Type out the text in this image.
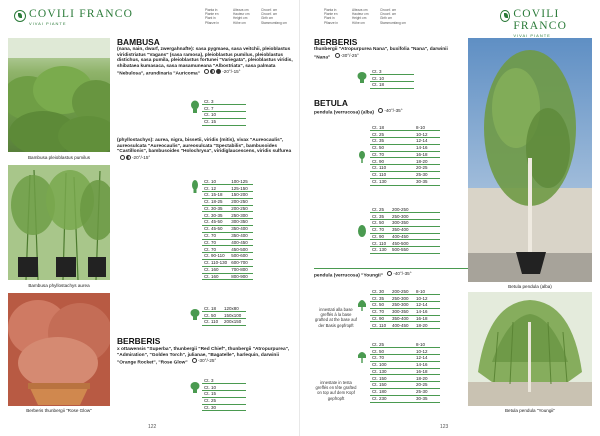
COVILI FRANCO
VIVAI PIANTE
Pianta in
Plante en
Plant in
Pflanze in
Altezza cm
Hauteur cm
Height cm
Höhe cm
Circonf. cm
Circonf. cm
Girth cm
Stammumfang cm
Bambusa pleioblastus pumilus
Bambusa phyllostachys aurea
Berberis thunbergii "Rose Glow"
BAMBUSA
(nana, nain, dwarf, zwergahnafte): sasa pygmaea, sasa veitchii, pleioblastus viridistriatus "Vagans" (sasa ramosa), pleioblastus pumilus, pleioblastus distichus, sasa pumila, pleioblastus fortunei "Variegata", pleioblastus viridis, shibataea kumasaca, sasa masamuneana "Albostriata", sasa palmata "Nebulosa", arundinaria "Auricoma"	-20°/-15°
Ct. 3	
Ct. 7	
Ct. 10	
Ct. 15	
(phyllostachys): aurea, nigra, bissetii, viridis (mitis), vivax "Aureocaulis", aureosulcata "Aureocaulis", aureosulcata "Spectabilis", bambusoides "Castillonis", bambusoides "Holochrysa", viridiglaucescens, viridis sulfurea
-20°/-15°
Ct. 10	100-125
Ct. 12	125-150
Ct. 15-18	150-200
Ct. 18-25	200-250
Ct. 30-35	200-250
Ct. 30-35	250-300
Ct. 45-50	300-350
Ct. 45-50	350-400
Ct. 70	350-400
Ct. 70	400-450
Ct. 70	450-500
Ct. 90-110	500-600
Ct. 110-130	600-700
Ct. 160	700-800
Ct. 160	800-900
Ct. 18	120x80
Ct. 50	150x100
Ct. 110	200x150
BERBERIS
x ottawensis "Superba", thunbergii "Red Chief", thunbergii "Atropurpurea", "Admiration", "Golden Torch", julianae, "Bagatelle", harlequin, darwinii "Orange Rocket", "Rose Glow" -30°/-25°
Ct. 3	
Ct. 10	
Ct. 15	
Ct. 25	
Ct. 30	
122
Pianta in
Plante en
Plant in
Pflanze in
Altezza cm
Hauteur cm
Height cm
Höhe cm
Circonf. cm
Circonf. cm
Girth cm
Stammumfang cm
COVILI FRANCO
VIVAI PIANTE
BERBERIS
thunbergii "Atropurpurea Nana", buxifolia "Nana", darwinii "Nana" -30°/-25°
Ct. 3	
Ct. 10	
Ct. 18	
BETULA
pendula (verrucosa) (alba) -40°/-35°
Ct. 18		8-10
Ct. 25		10-12
Ct. 35		12-14
Ct. 50		14-16
Ct. 70		16-18
Ct. 90		18-20
Ct. 110		20-25
Ct. 110		25-30
Ct. 130		30-35
Ct. 25	200-250	
Ct. 35	250-300	
Ct. 50	300-350	
Ct. 70	350-400	
Ct. 90	400-450	
Ct. 110	450-500	
Ct. 130	500-550	
pendula (verrucosa) "Youngii" -40°/-35°
innestati alla base greffés à la base grafted at the base auf der Basis gepfropft
Ct. 30	200-250	8-10
Ct. 35	250-300	10-12
Ct. 50	250-300	12-14
Ct. 70	300-350	14-16
Ct. 90	350-400	16-18
Ct. 110	400-450	18-20
innestate in testa greffés en tête grafted on top auf dem Kopf gepfropft
Ct. 25		8-10
Ct. 50		10-12
Ct. 70		12-14
Ct. 100		14-16
Ct. 130		16-18
Ct. 150		18-20
Ct. 150		20-25
Ct. 180		25-30
Ct. 230		30-35
Betula pendula (alba)
Betula pendula "Youngii"
123
